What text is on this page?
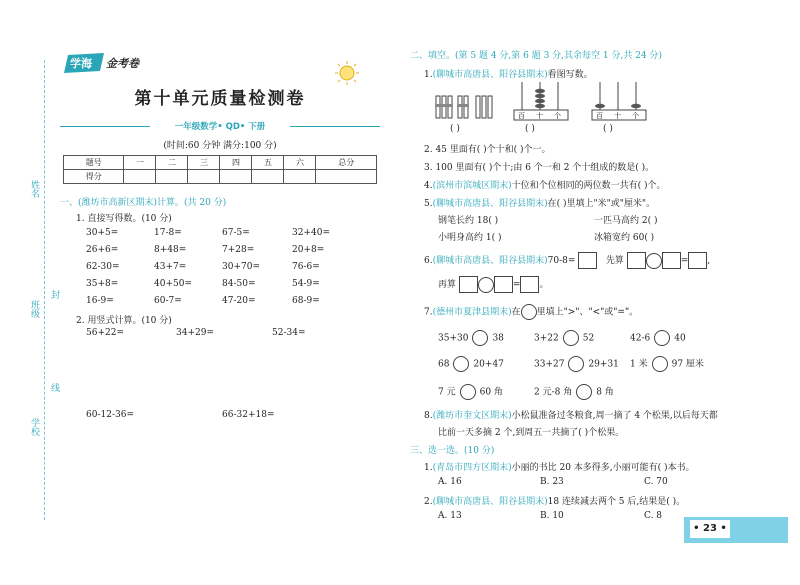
姓名
班级
学校
封
线
学海 金考卷
第十单元质量检测卷
一年级数学• QD• 下册
(时间:60 分钟 满分:100 分)
题号	一	二	三	四	五	六	总分
得分							
一、(潍坊市高新区期末)计算。(共 20 分)
1. 直接写得数。(10 分)
30+5=	17-8=	67-5=	32+40=
26+6=	8+48=	7+28=	20+8=
62-30=	43+7=	30+70=	76-6=
35+8=	40+50=	84-50=	54-9=
16-9=	60-7=	47-20=	68-9=
2. 用竖式计算。(10 分)
56+22=	34+29=	52-34=
60-12-36=	66-32+18=
二、填空。(第 5 题 4 分,第 6 题 3 分,其余每空 1 分,共 24 分)
1.(聊城市高唐县、阳谷县期末)看图写数。
百 十 个	百 十 个
( )	( )	( )
2. 45 里面有( )个十和( )个一。
3. 100 里面有( )个十;由 6 个一和 2 个十组成的数是( )。
4.(滨州市滨城区期末)十位和个位相同的两位数一共有( )个。
5.(聊城市高唐县、阳谷县期末)在( )里填上"米"或"厘米"。
钢笔长约 18( )	一匹马高约 2( )
小明身高约 1( )	冰箱宽约 60( )
6.(聊城市高唐县、阳谷县期末)70-8=	先算	= ,
再算	= 。
7.(德州市夏津县期末)在 里填上">"、"<"或"="。
35+30	38	3+22	52	42-6	40
68	20+47	33+27	29+31 1 米	97 厘米
7 元	60 角	2 元-8 角	8 角
8.(潍坊市奎文区期末)小松鼠准备过冬粮食,周一摘了 4 个松果,以后每天都
比前一天多摘 2 个,到周五一共摘了( )个松果。
三、选一选。(10 分)
1.(青岛市四方区期末)小丽的书比 20 本多得多,小丽可能有( )本书。
A. 16	B. 23	C. 70
2.(聊城市高唐县、阳谷县期末)18 连续减去两个 5 后,结果是( )。
A. 13	B. 10	C. 8
• 23 •
